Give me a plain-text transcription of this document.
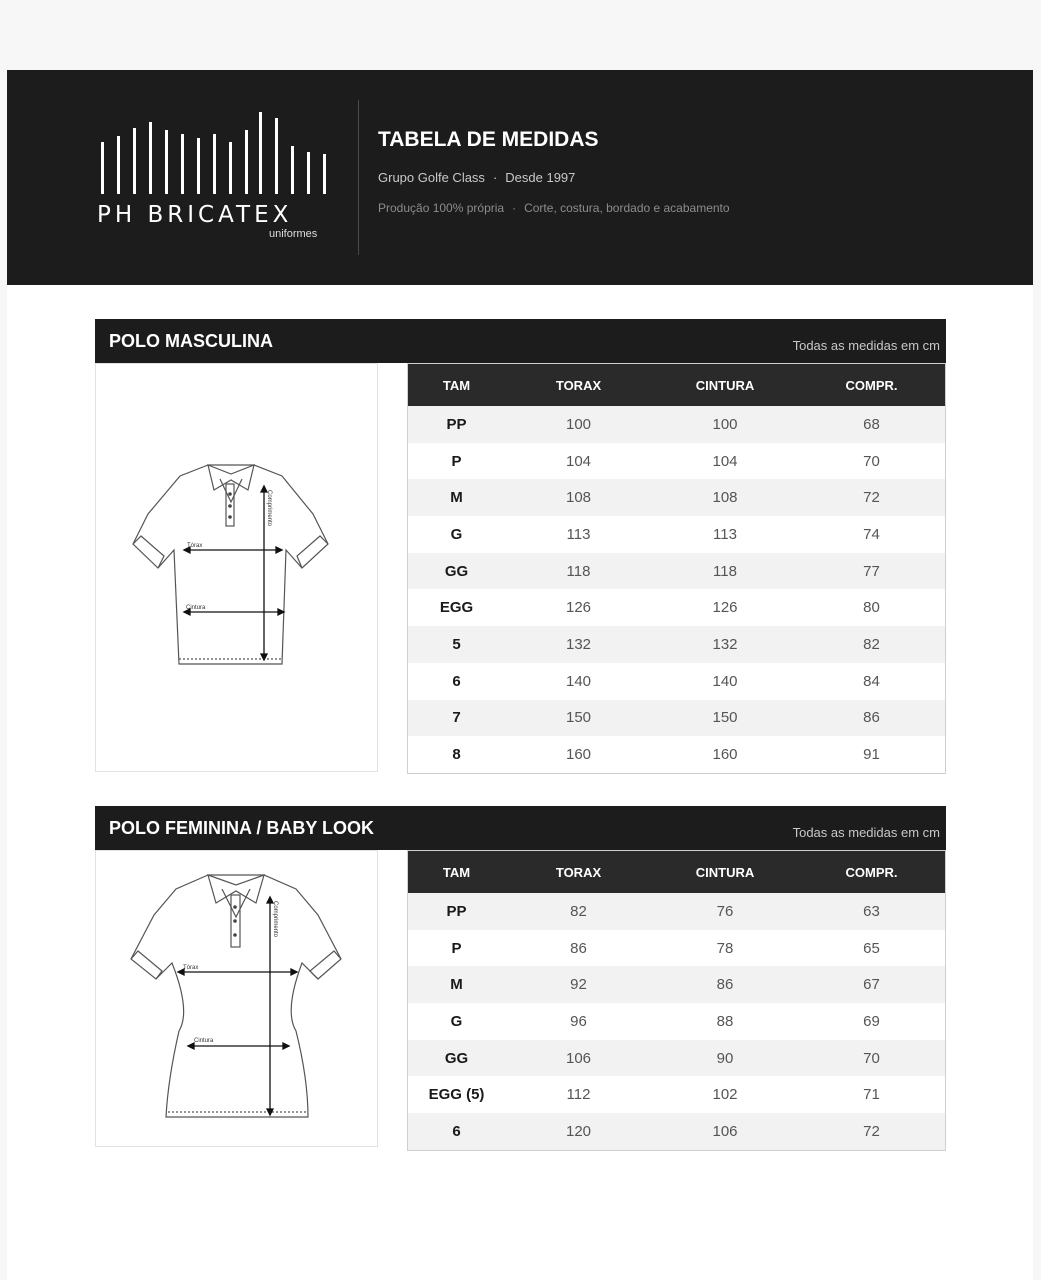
PH BRICATEX
uniformes
TABELA DE MEDIDAS
Grupo Golfe Class · Desde 1997
Produção 100% própria · Corte, costura, bordado e acabamento
POLO MASCULINA	Todas as medidas em cm
Tórax
Cintura
Comprimento
TAM	TORAX	CINTURA	COMPR.
PP	100	100	68
P	104	104	70
M	108	108	72
G	113	113	74
GG	118	118	77
EGG	126	126	80
5	132	132	82
6	140	140	84
7	150	150	86
8	160	160	91
POLO FEMININA / BABY LOOK	Todas as medidas em cm
Tórax
Cintura
Comprimento
TAM	TORAX	CINTURA	COMPR.
PP	82	76	63
P	86	78	65
M	92	86	67
G	96	88	69
GG	106	90	70
EGG (5)	112	102	71
6	120	106	72
